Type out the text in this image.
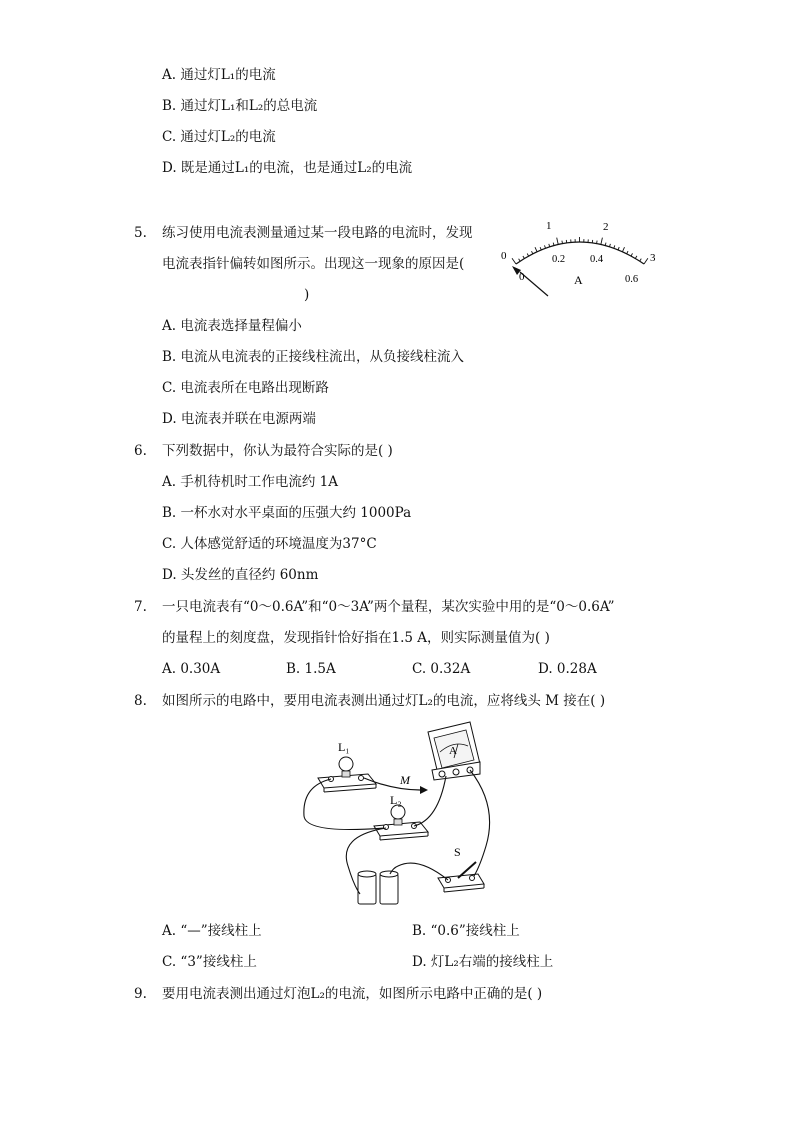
A. 通过灯L₁的电流
B. 通过灯L₁和L₂的总电流
C. 通过灯L₂的电流
D. 既是通过L₁的电流，也是通过L₂的电流
5. 练习使用电流表测量通过某一段电路的电流时，发现
电流表指针偏转如图所示。出现这一现象的原因是(
)
0
1	2
3
0
0.2 0.4
0.6
A
A. 电流表选择量程偏小
B. 电流从电流表的正接线柱流出，从负接线柱流入
C. 电流表所在电路出现断路
D. 电流表并联在电源两端
6. 下列数据中，你认为最符合实际的是( )
A. 手机待机时工作电流约 1A
B. 一杯水对水平桌面的压强大约 1000Pa
C. 人体感觉舒适的环境温度为37°C
D. 头发丝的直径约 60nm
7. 一只电流表有“0～0.6A”和“0～3A”两个量程，某次实验中用的是“0～0.6A”
的量程上的刻度盘，发现指针恰好指在1.5 A，则实际测量值为( )
A. 0.30A	B. 1.5A	C. 0.32A	D. 0.28A
8. 如图所示的电路中，要用电流表测出通过灯L₂的电流，应将线头 M 接在( )
L₁
L₂
M
A
S
A. “—”接线柱上	B. “0.6”接线柱上
C. “3”接线柱上	D. 灯L₂右端的接线柱上
9. 要用电流表测出通过灯泡L₂的电流，如图所示电路中正确的是( )
